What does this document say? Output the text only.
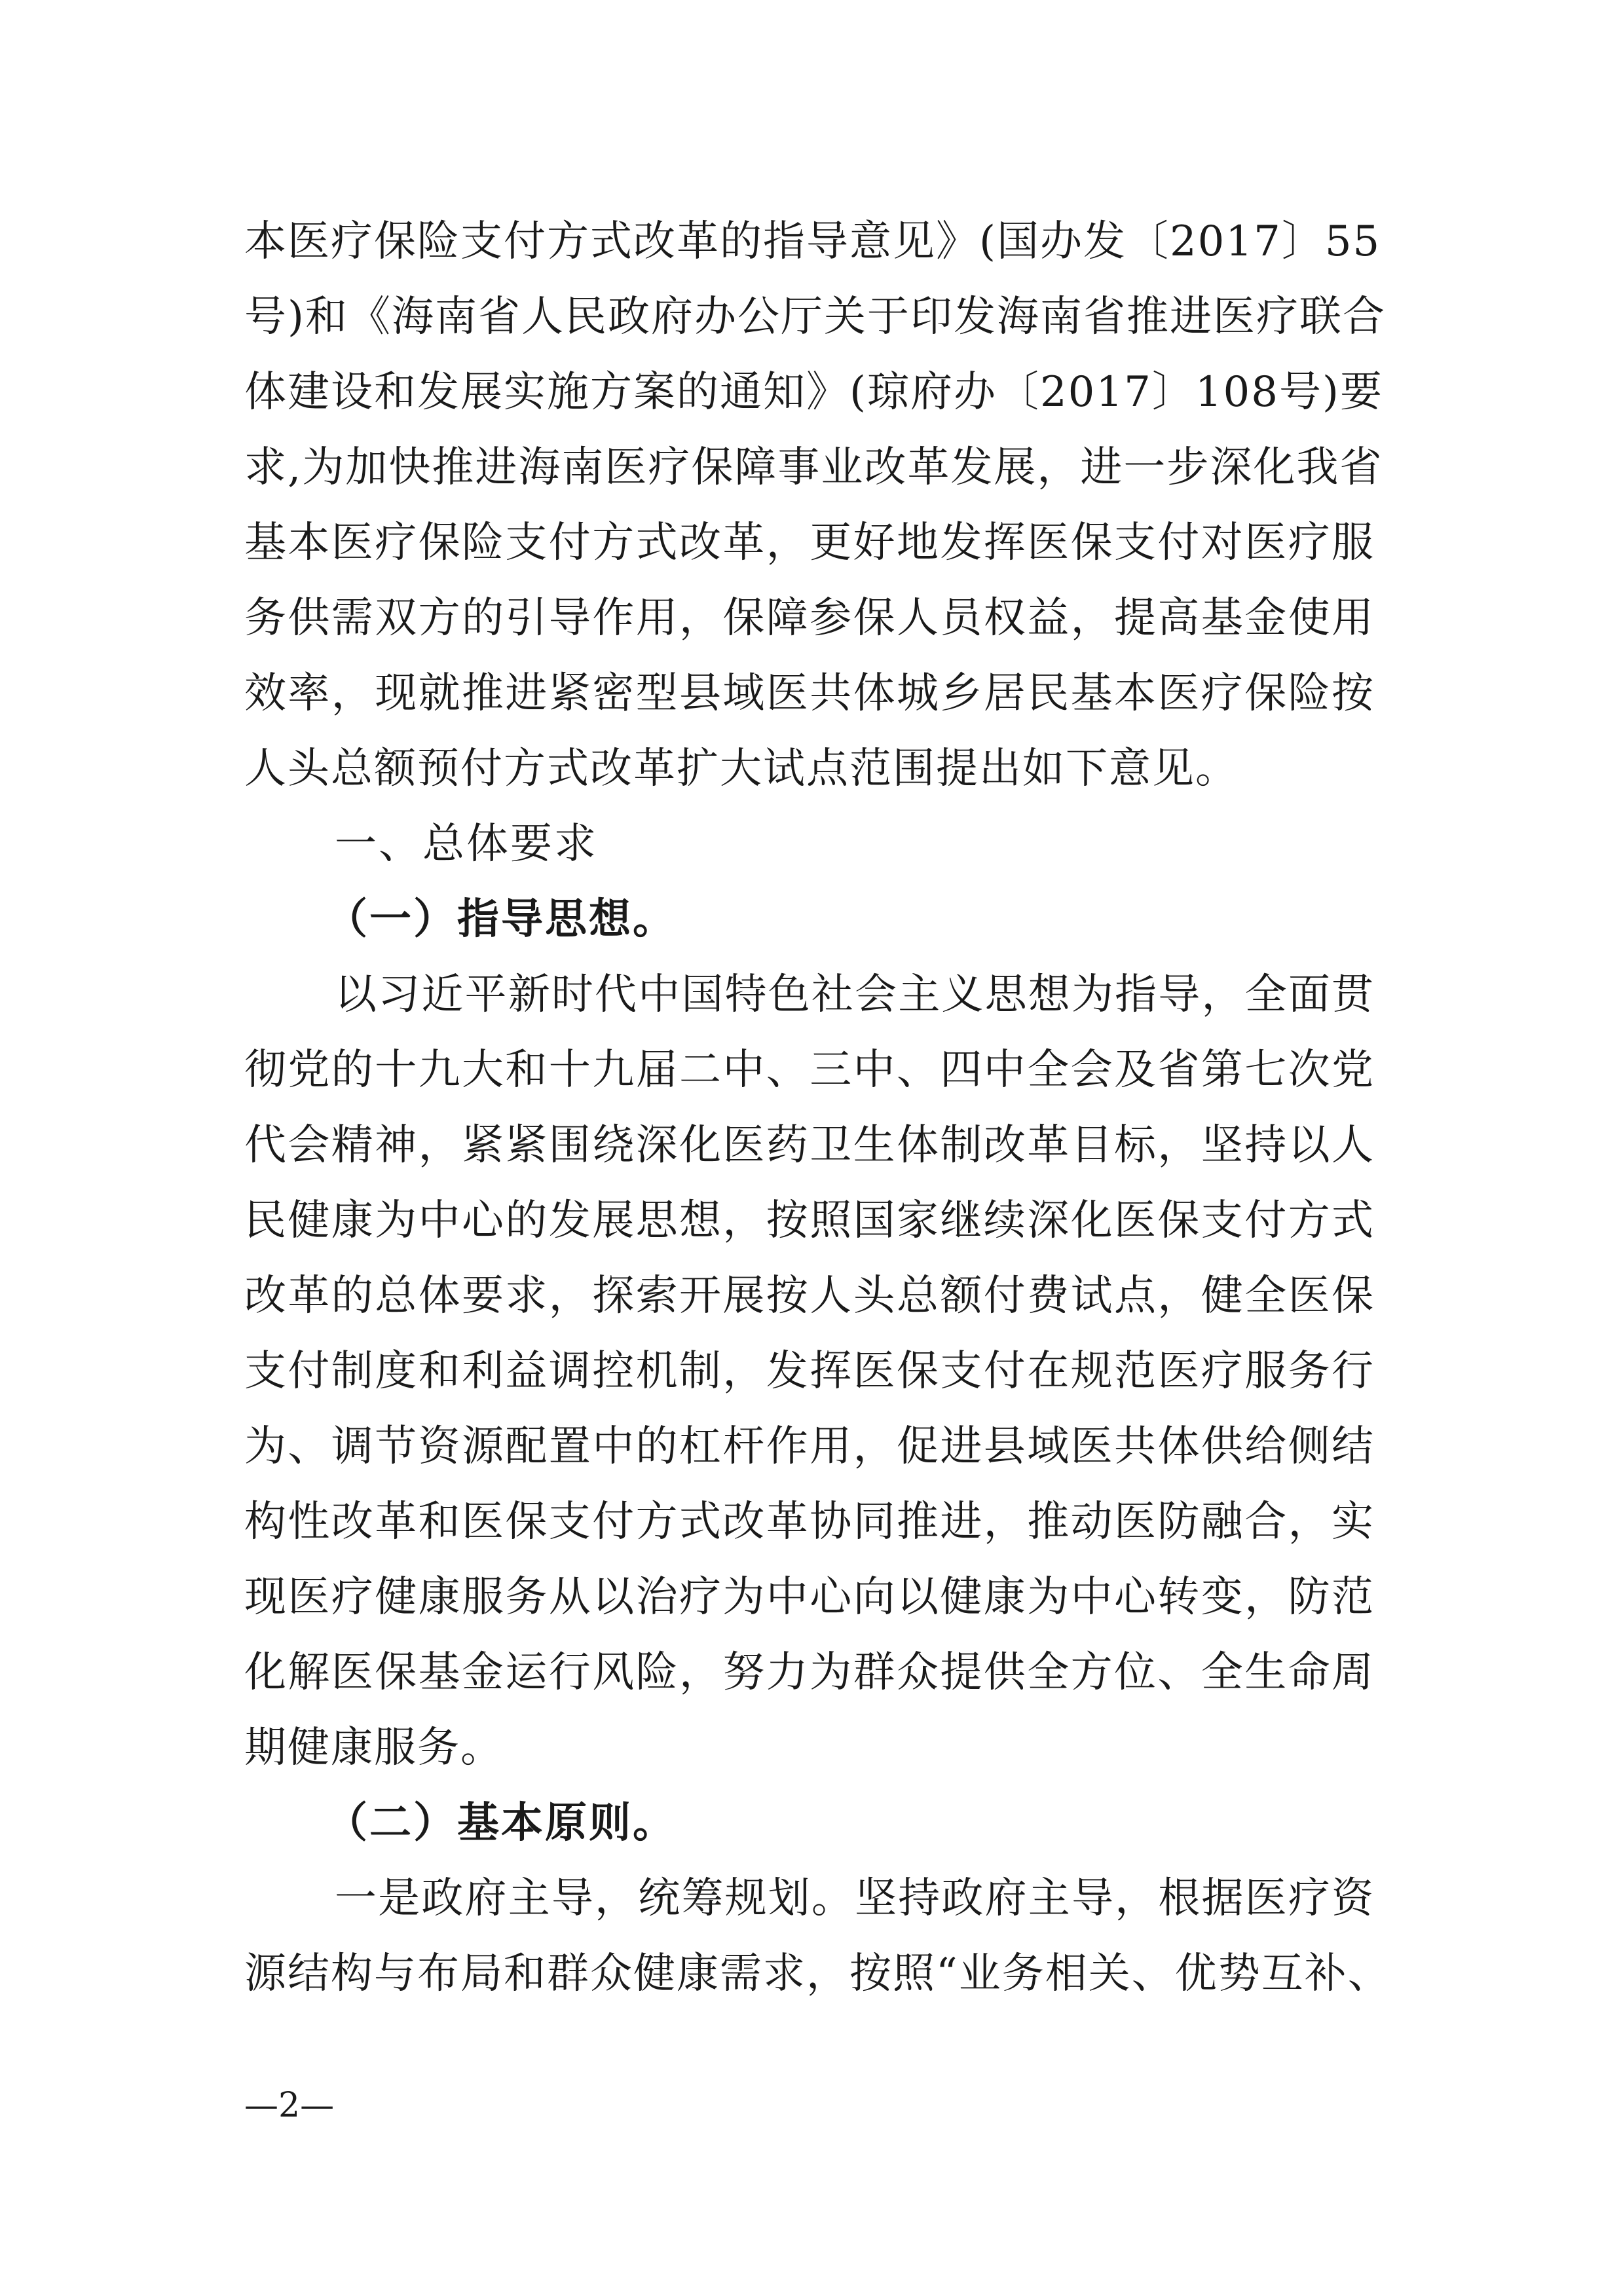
本医疗保险支付方式改革的指导意见》(国办发〔2017〕55
号)和《海南省人民政府办公厅关于印发海南省推进医疗联合
体建设和发展实施方案的通知》(琼府办〔2017〕108号)要
求,为加快推进海南医疗保障事业改革发展，进一步深化我省
基本医疗保险支付方式改革，更好地发挥医保支付对医疗服
务供需双方的引导作用，保障参保人员权益，提高基金使用
效率，现就推进紧密型县域医共体城乡居民基本医疗保险按
人头总额预付方式改革扩大试点范围提出如下意见。
一、总体要求
（一）指导思想。
以习近平新时代中国特色社会主义思想为指导，全面贯
彻党的十九大和十九届二中、三中、四中全会及省第七次党
代会精神，紧紧围绕深化医药卫生体制改革目标，坚持以人
民健康为中心的发展思想，按照国家继续深化医保支付方式
改革的总体要求，探索开展按人头总额付费试点，健全医保
支付制度和利益调控机制，发挥医保支付在规范医疗服务行
为、调节资源配置中的杠杆作用，促进县域医共体供给侧结
构性改革和医保支付方式改革协同推进，推动医防融合，实
现医疗健康服务从以治疗为中心向以健康为中心转变，防范
化解医保基金运行风险，努力为群众提供全方位、全生命周
期健康服务。
（二）基本原则。
一是政府主导，统筹规划。坚持政府主导，根据医疗资
源结构与布局和群众健康需求，按照“业务相关、优势互补、
—2—
